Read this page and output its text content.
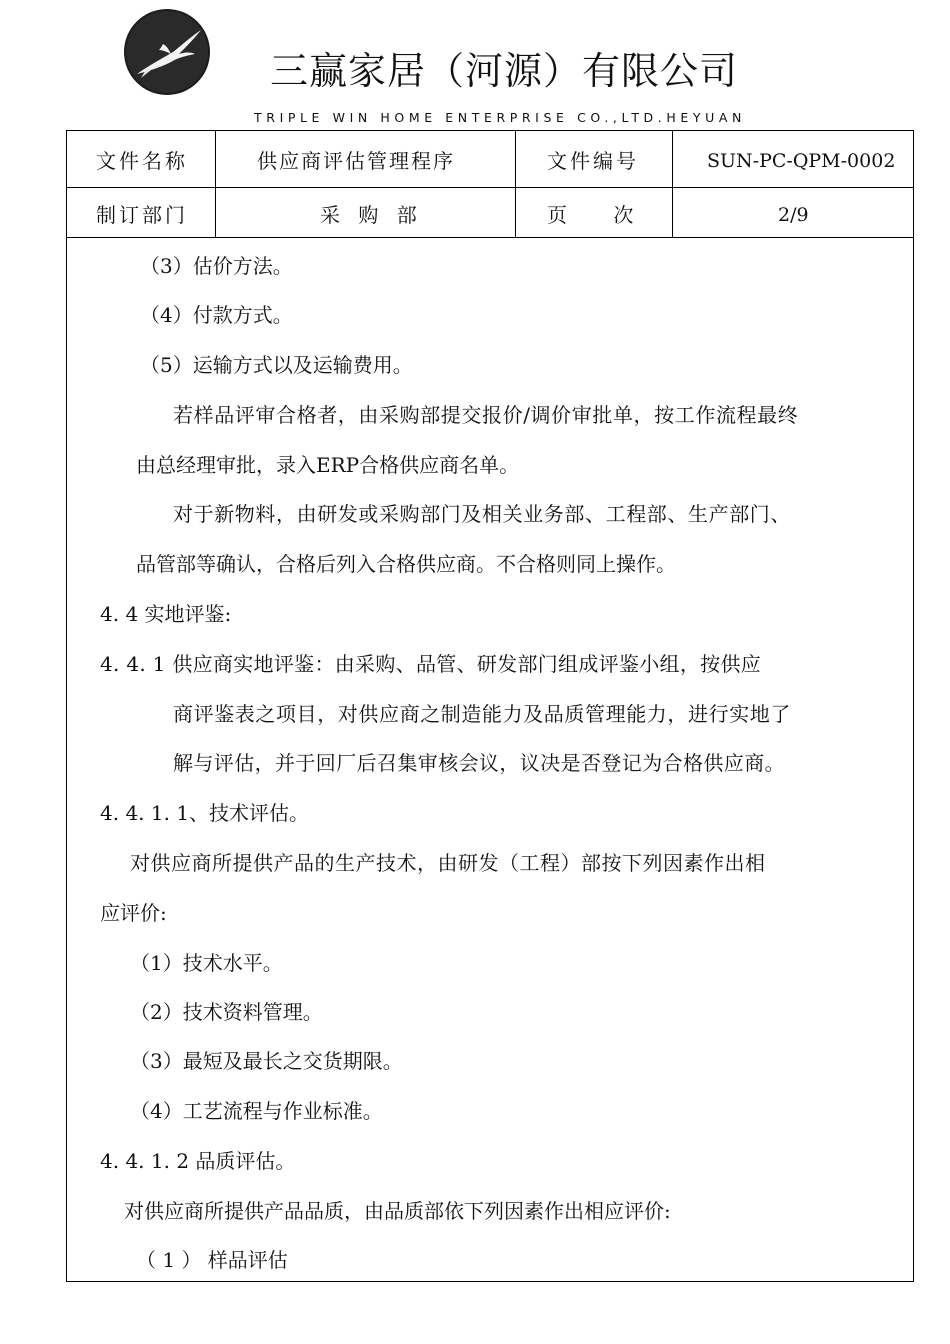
三赢家居（河源）有限公司
TRIPLE WIN HOME ENTERPRISE CO.,LTD.HEYUAN
文件名称	供应商评估管理程序	文件编号	SUN-PC-QPM-0002
制订部门	采 购 部	页 次	2/9
（3）估价方法。
（4）付款方式。
（5）运输方式以及运输费用。
若样品评审合格者，由采购部提交报价/调价审批单，按工作流程最终
由总经理审批，录入ERP合格供应商名单。
对于新物料，由研发或采购部门及相关业务部、工程部、生产部门、
品管部等确认，合格后列入合格供应商。不合格则同上操作。
4. 4 实地评鉴:
4. 4. 1 供应商实地评鉴：由采购、品管、研发部门组成评鉴小组，按供应
商评鉴表之项目，对供应商之制造能力及品质管理能力，进行实地了
解与评估，并于回厂后召集审核会议，议决是否登记为合格供应商。
4. 4. 1. 1、技术评估。
对供应商所提供产品的生产技术，由研发（工程）部按下列因素作出相
应评价:
（1）技术水平。
（2）技术资料管理。
（3）最短及最长之交货期限。
（4）工艺流程与作业标准。
4. 4. 1. 2 品质评估。
对供应商所提供产品品质，由品质部依下列因素作出相应评价:
（ 1 ） 样品评估
